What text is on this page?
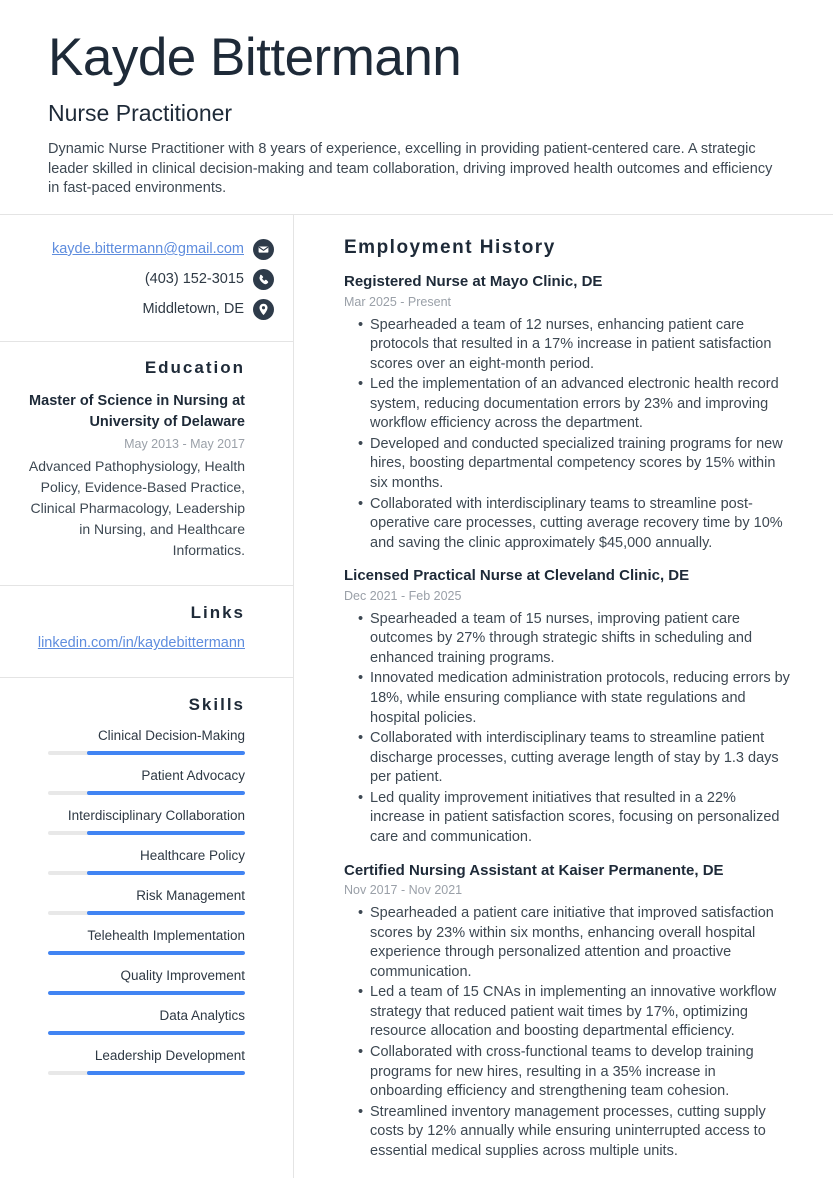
Kayde Bittermann
Nurse Practitioner
Dynamic Nurse Practitioner with 8 years of experience, excelling in providing patient-centered care. A strategic leader skilled in clinical decision-making and team collaboration, driving improved health outcomes and efficiency in fast-paced environments.
kayde.bittermann@gmail.com
(403) 152-3015
Middletown, DE
Education
Master of Science in Nursing at University of Delaware
May 2013 - May 2017
Advanced Pathophysiology, Health Policy, Evidence-Based Practice, Clinical Pharmacology, Leadership in Nursing, and Healthcare Informatics.
Links
linkedin.com/in/kaydebittermann
Skills
Clinical Decision-Making
Patient Advocacy
Interdisciplinary Collaboration
Healthcare Policy
Risk Management
Telehealth Implementation
Quality Improvement
Data Analytics
Leadership Development
Employment History
Registered Nurse at Mayo Clinic, DE
Mar 2025 - Present
• Spearheaded a team of 12 nurses, enhancing patient care protocols that resulted in a 17% increase in patient satisfaction scores over an eight-month period.
• Led the implementation of an advanced electronic health record system, reducing documentation errors by 23% and improving workflow efficiency across the department.
• Developed and conducted specialized training programs for new hires, boosting departmental competency scores by 15% within six months.
• Collaborated with interdisciplinary teams to streamline post-operative care processes, cutting average recovery time by 10% and saving the clinic approximately $45,000 annually.
Licensed Practical Nurse at Cleveland Clinic, DE
Dec 2021 - Feb 2025
• Spearheaded a team of 15 nurses, improving patient care outcomes by 27% through strategic shifts in scheduling and enhanced training programs.
• Innovated medication administration protocols, reducing errors by 18%, while ensuring compliance with state regulations and hospital policies.
• Collaborated with interdisciplinary teams to streamline patient discharge processes, cutting average length of stay by 1.3 days per patient.
• Led quality improvement initiatives that resulted in a 22% increase in patient satisfaction scores, focusing on personalized care and communication.
Certified Nursing Assistant at Kaiser Permanente, DE
Nov 2017 - Nov 2021
• Spearheaded a patient care initiative that improved satisfaction scores by 23% within six months, enhancing overall hospital experience through personalized attention and proactive communication.
• Led a team of 15 CNAs in implementing an innovative workflow strategy that reduced patient wait times by 17%, optimizing resource allocation and boosting departmental efficiency.
• Collaborated with cross-functional teams to develop training programs for new hires, resulting in a 35% increase in onboarding efficiency and strengthening team cohesion.
• Streamlined inventory management processes, cutting supply costs by 12% annually while ensuring uninterrupted access to essential medical supplies across multiple units.
